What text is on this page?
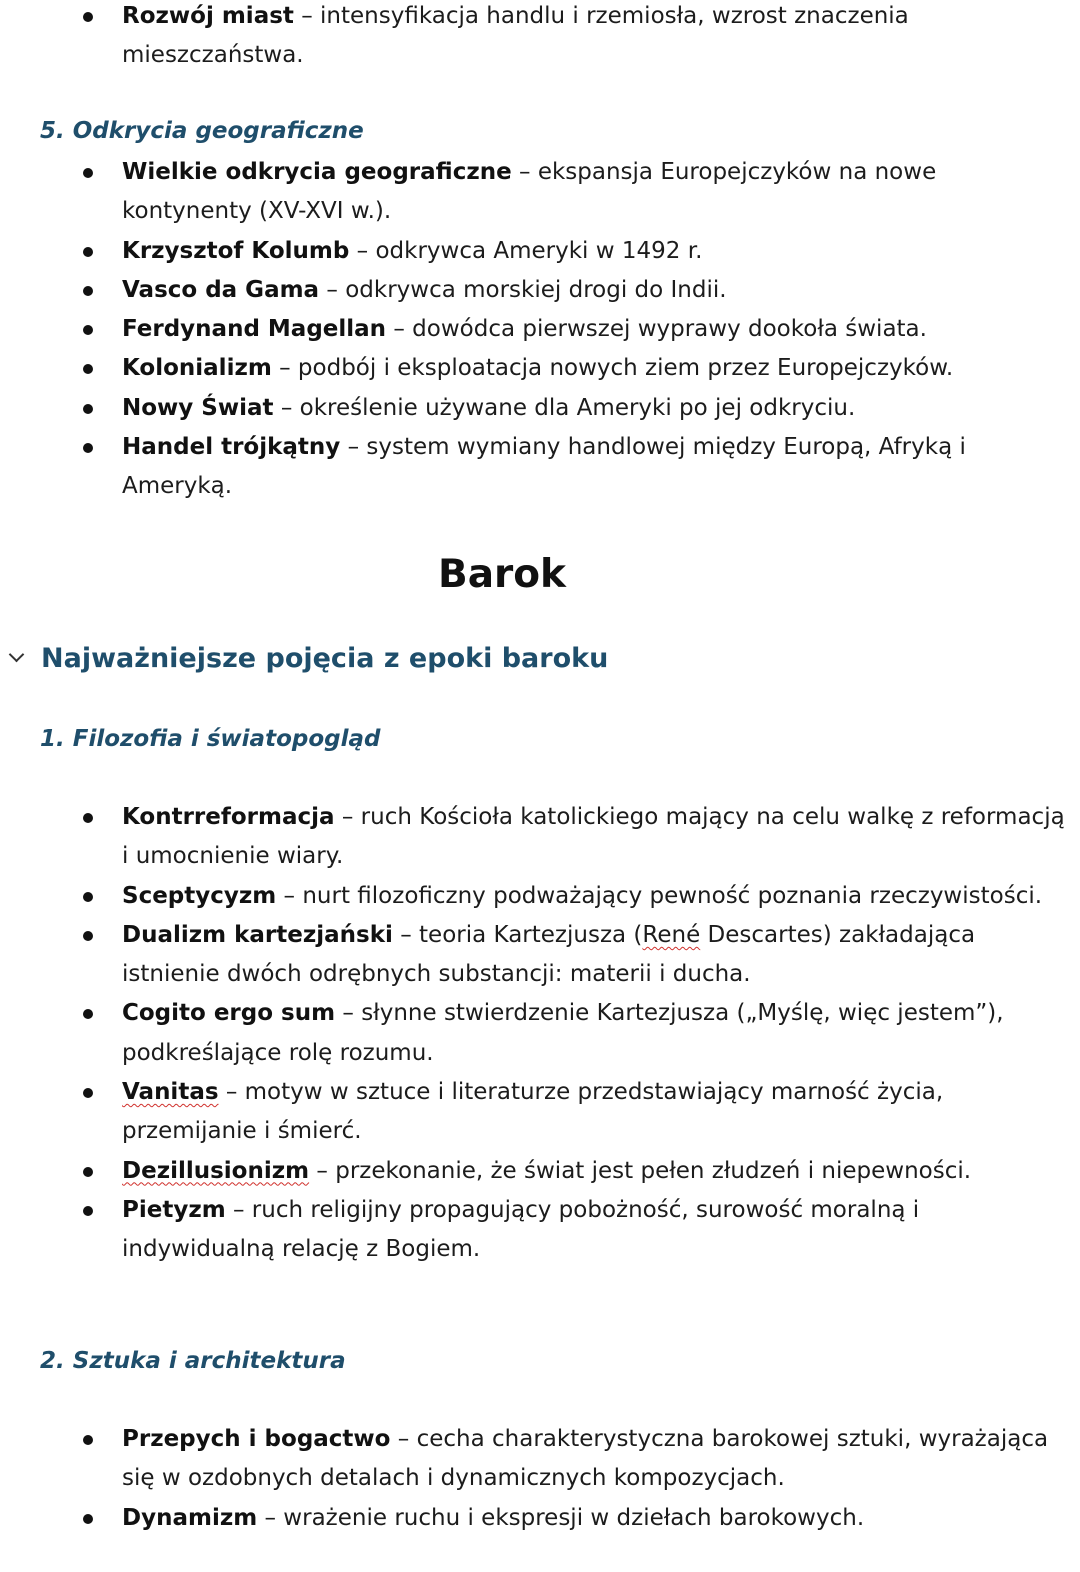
Rozwój miast – intensyfikacja handlu i rzemiosła, wzrost znaczenia mieszczaństwa.
5. Odkrycia geograficzne
Wielkie odkrycia geograficzne – ekspansja Europejczyków na nowe kontynenty (XV-XVI w.).
Krzysztof Kolumb – odkrywca Ameryki w 1492 r.
Vasco da Gama – odkrywca morskiej drogi do Indii.
Ferdynand Magellan – dowódca pierwszej wyprawy dookoła świata.
Kolonializm – podbój i eksploatacja nowych ziem przez Europejczyków.
Nowy Świat – określenie używane dla Ameryki po jej odkryciu.
Handel trójkątny – system wymiany handlowej między Europą, Afryką i Ameryką.
Barok
Najważniejsze pojęcia z epoki baroku
1. Filozofia i światopogląd
Kontrreformacja – ruch Kościoła katolickiego mający na celu walkę z reformacją i umocnienie wiary.
Sceptycyzm – nurt filozoficzny podważający pewność poznania rzeczywistości.
Dualizm kartezjański – teoria Kartezjusza (René Descartes) zakładająca istnienie dwóch odrębnych substancji: materii i ducha.
Cogito ergo sum – słynne stwierdzenie Kartezjusza („Myślę, więc jestem”), podkreślające rolę rozumu.
Vanitas – motyw w sztuce i literaturze przedstawiający marność życia, przemijanie i śmierć.
Dezillusionizm – przekonanie, że świat jest pełen złudzeń i niepewności.
Pietyzm – ruch religijny propagujący pobożność, surowość moralną i indywidualną relację z Bogiem.
2. Sztuka i architektura
Przepych i bogactwo – cecha charakterystyczna barokowej sztuki, wyrażająca się w ozdobnych detalach i dynamicznych kompozycjach.
Dynamizm – wrażenie ruchu i ekspresji w dziełach barokowych.
